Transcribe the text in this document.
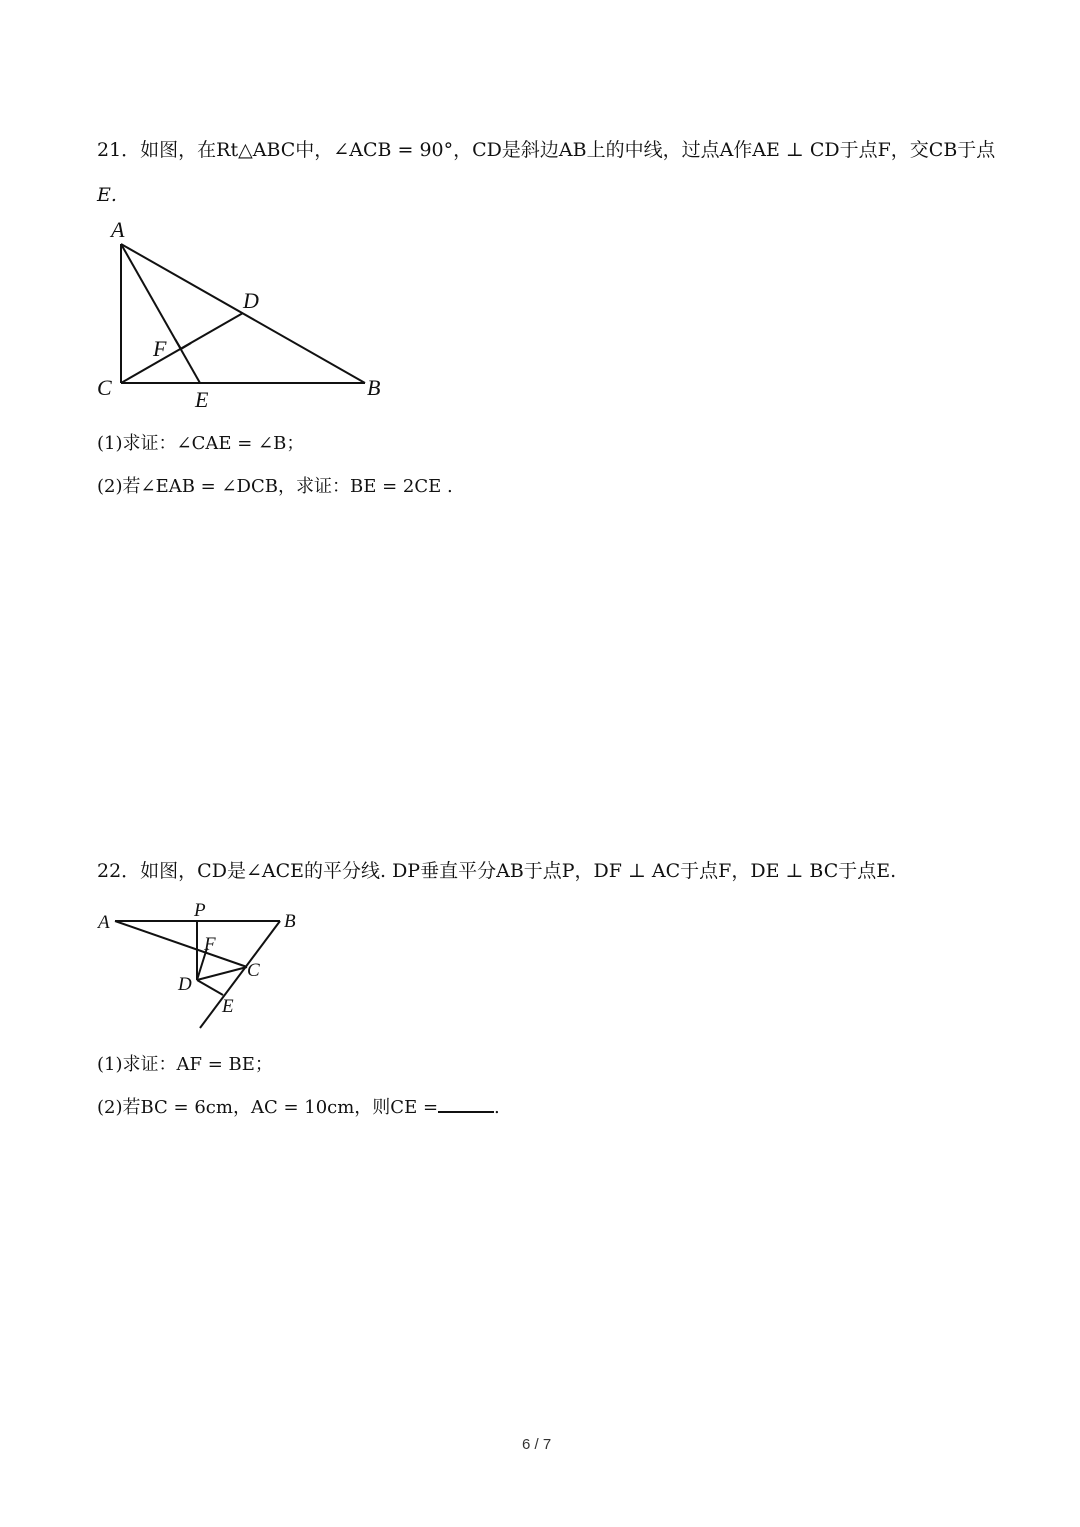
21．如图，在Rt△ABC中，∠ACB = 90°，CD是斜边AB上的中线，过点A作AE ⊥ CD于点F，交CB于点
E.
A
D
F
C	E	B
(1)求证：∠CAE = ∠B；
(2)若∠EAB = ∠DCB，求证：BE = 2CE .
22．如图，CD是∠ACE的平分线. DP垂直平分AB于点P，DF ⊥ AC于点F，DE ⊥ BC于点E.
A
P
B
F
C
D
E
(1)求证：AF = BE；
(2)若BC = 6cm，AC = 10cm，则CE =	.
6 / 7
